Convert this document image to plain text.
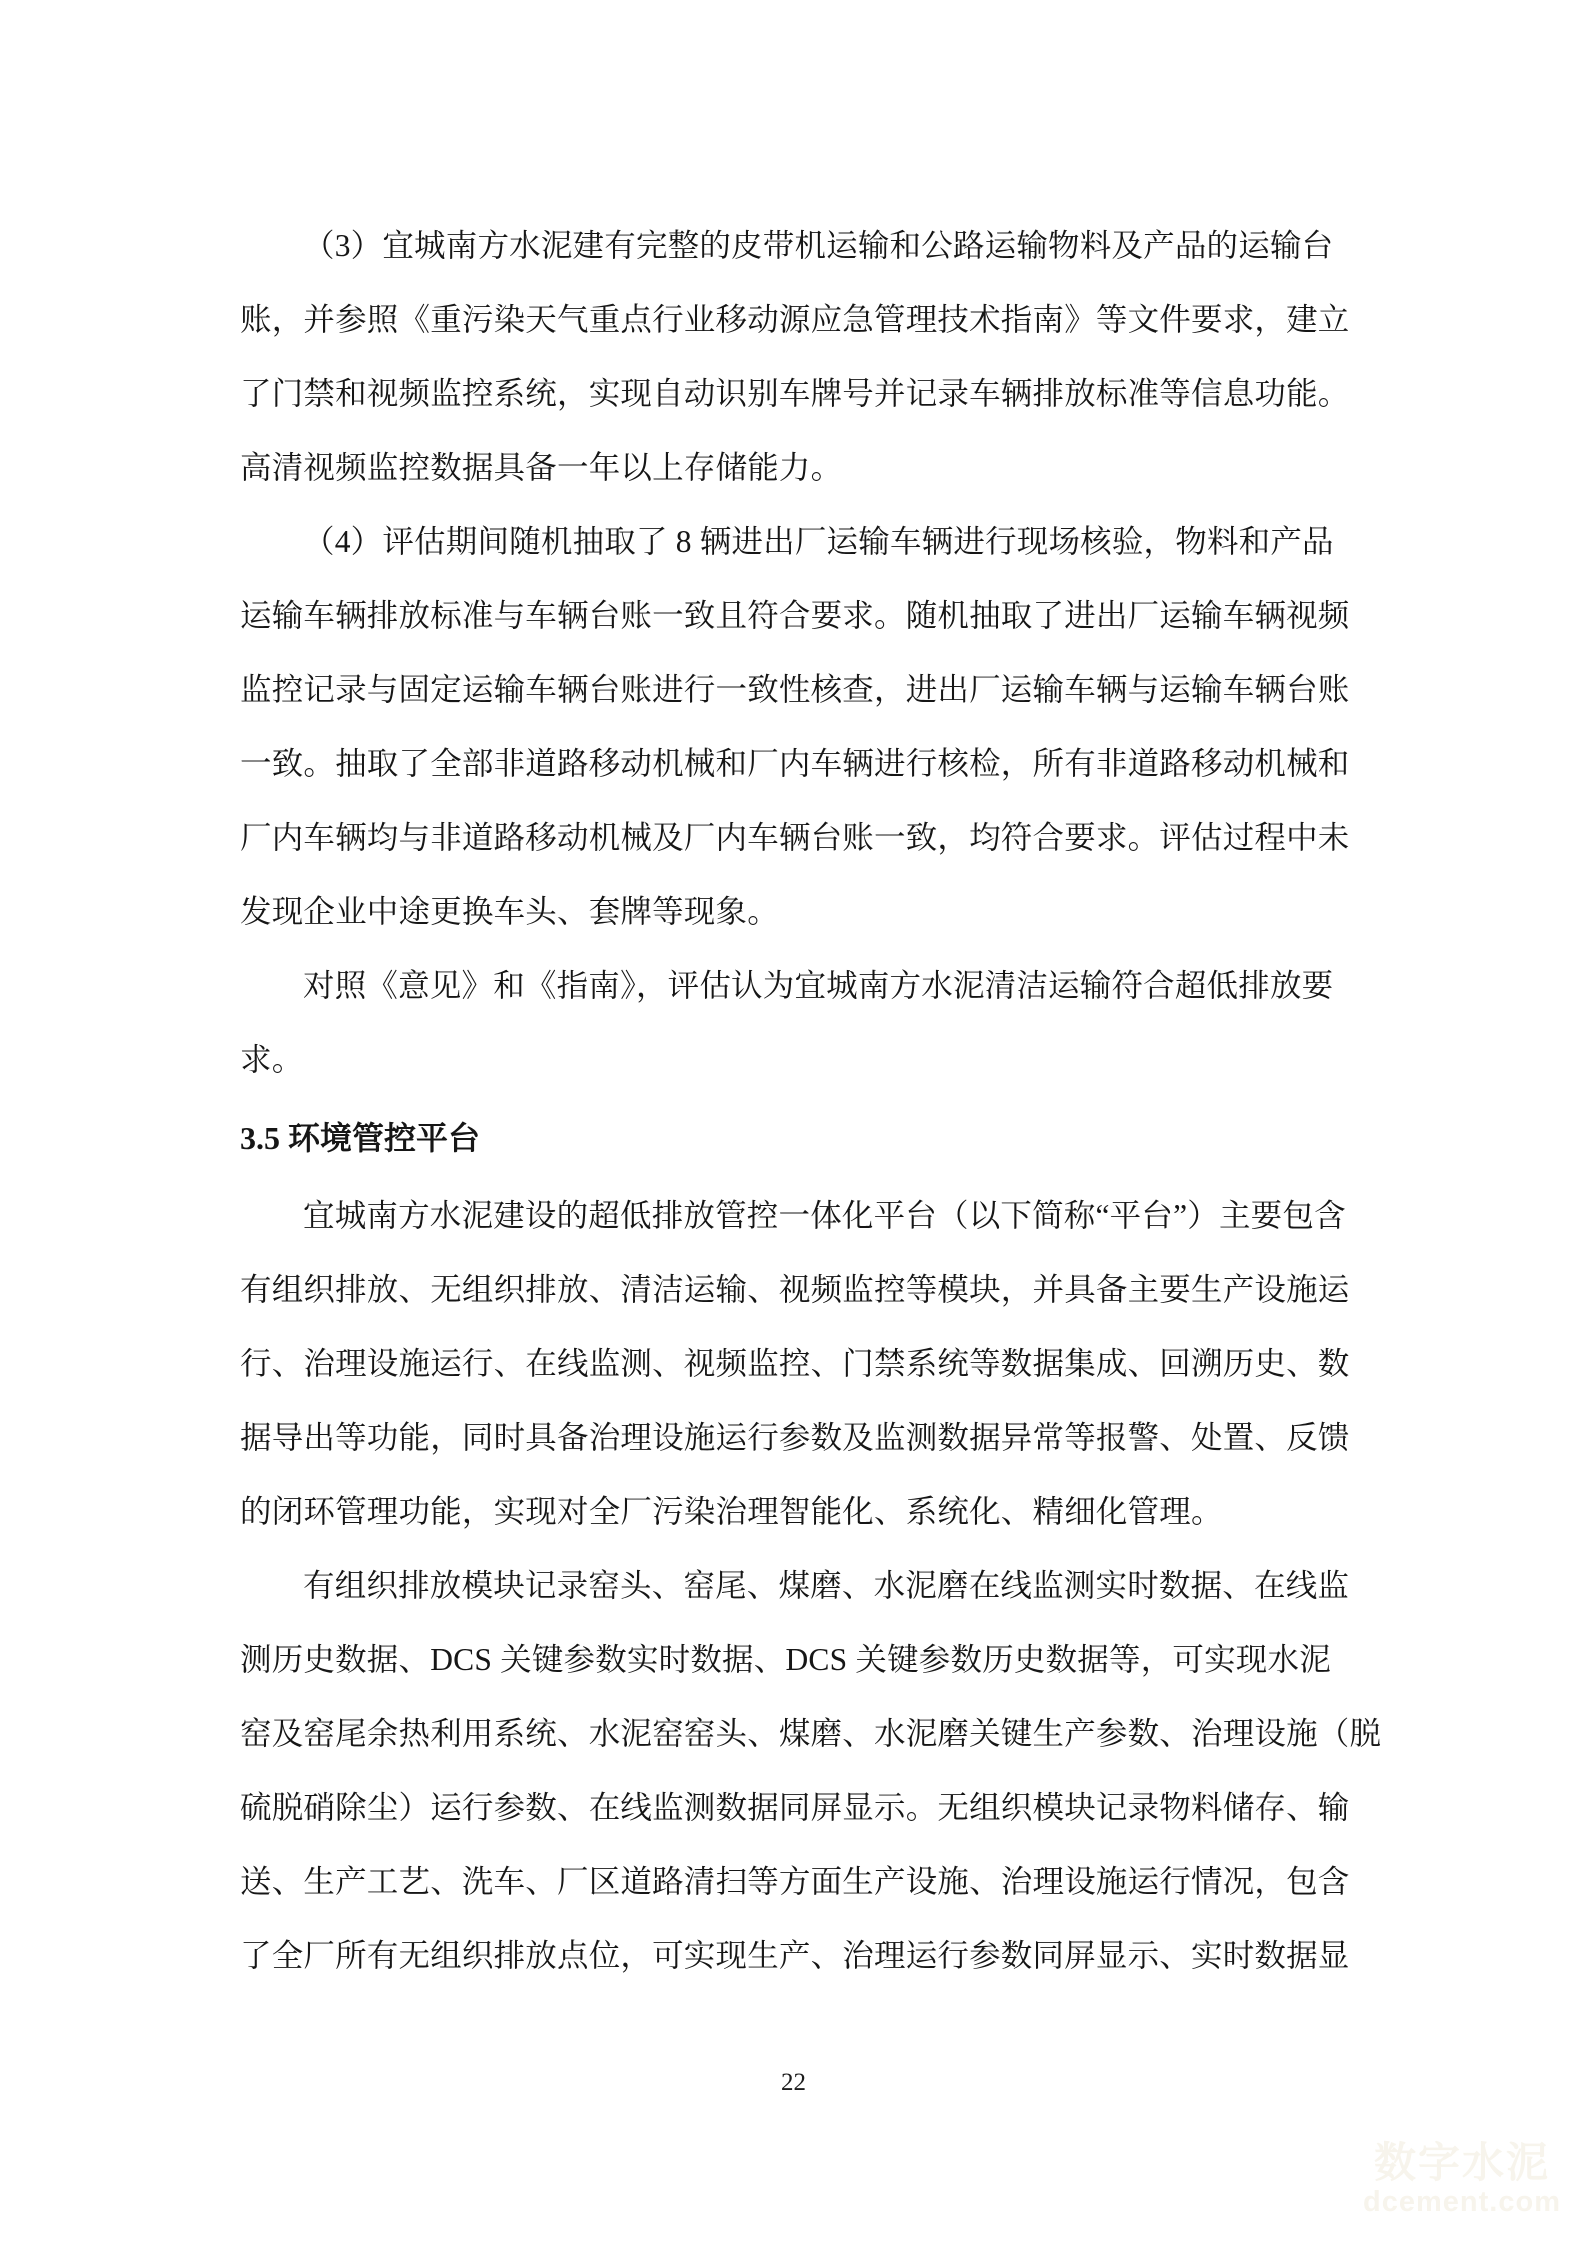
（3）宜城南方水泥建有完整的皮带机运输和公路运输物料及产品的运输台
账，并参照《重污染天气重点行业移动源应急管理技术指南》等文件要求，建立
了门禁和视频监控系统，实现自动识别车牌号并记录车辆排放标准等信息功能。
高清视频监控数据具备一年以上存储能力。
（4）评估期间随机抽取了 8 辆进出厂运输车辆进行现场核验，物料和产品
运输车辆排放标准与车辆台账一致且符合要求。随机抽取了进出厂运输车辆视频
监控记录与固定运输车辆台账进行一致性核查，进出厂运输车辆与运输车辆台账
一致。抽取了全部非道路移动机械和厂内车辆进行核检，所有非道路移动机械和
厂内车辆均与非道路移动机械及厂内车辆台账一致，均符合要求。评估过程中未
发现企业中途更换车头、套牌等现象。
对照《意见》和《指南》，评估认为宜城南方水泥清洁运输符合超低排放要
求。
3.5 环境管控平台
宜城南方水泥建设的超低排放管控一体化平台（以下简称“平台”）主要包含
有组织排放、无组织排放、清洁运输、视频监控等模块，并具备主要生产设施运
行、治理设施运行、在线监测、视频监控、门禁系统等数据集成、回溯历史、数
据导出等功能，同时具备治理设施运行参数及监测数据异常等报警、处置、反馈
的闭环管理功能，实现对全厂污染治理智能化、系统化、精细化管理。
有组织排放模块记录窑头、窑尾、煤磨、水泥磨在线监测实时数据、在线监
测历史数据、DCS 关键参数实时数据、DCS 关键参数历史数据等，可实现水泥
窑及窑尾余热利用系统、水泥窑窑头、煤磨、水泥磨关键生产参数、治理设施（脱
硫脱硝除尘）运行参数、在线监测数据同屏显示。无组织模块记录物料储存、输
送、生产工艺、洗车、厂区道路清扫等方面生产设施、治理设施运行情况，包含
了全厂所有无组织排放点位，可实现生产、治理运行参数同屏显示、实时数据显
22
数字水泥
dcement.com
